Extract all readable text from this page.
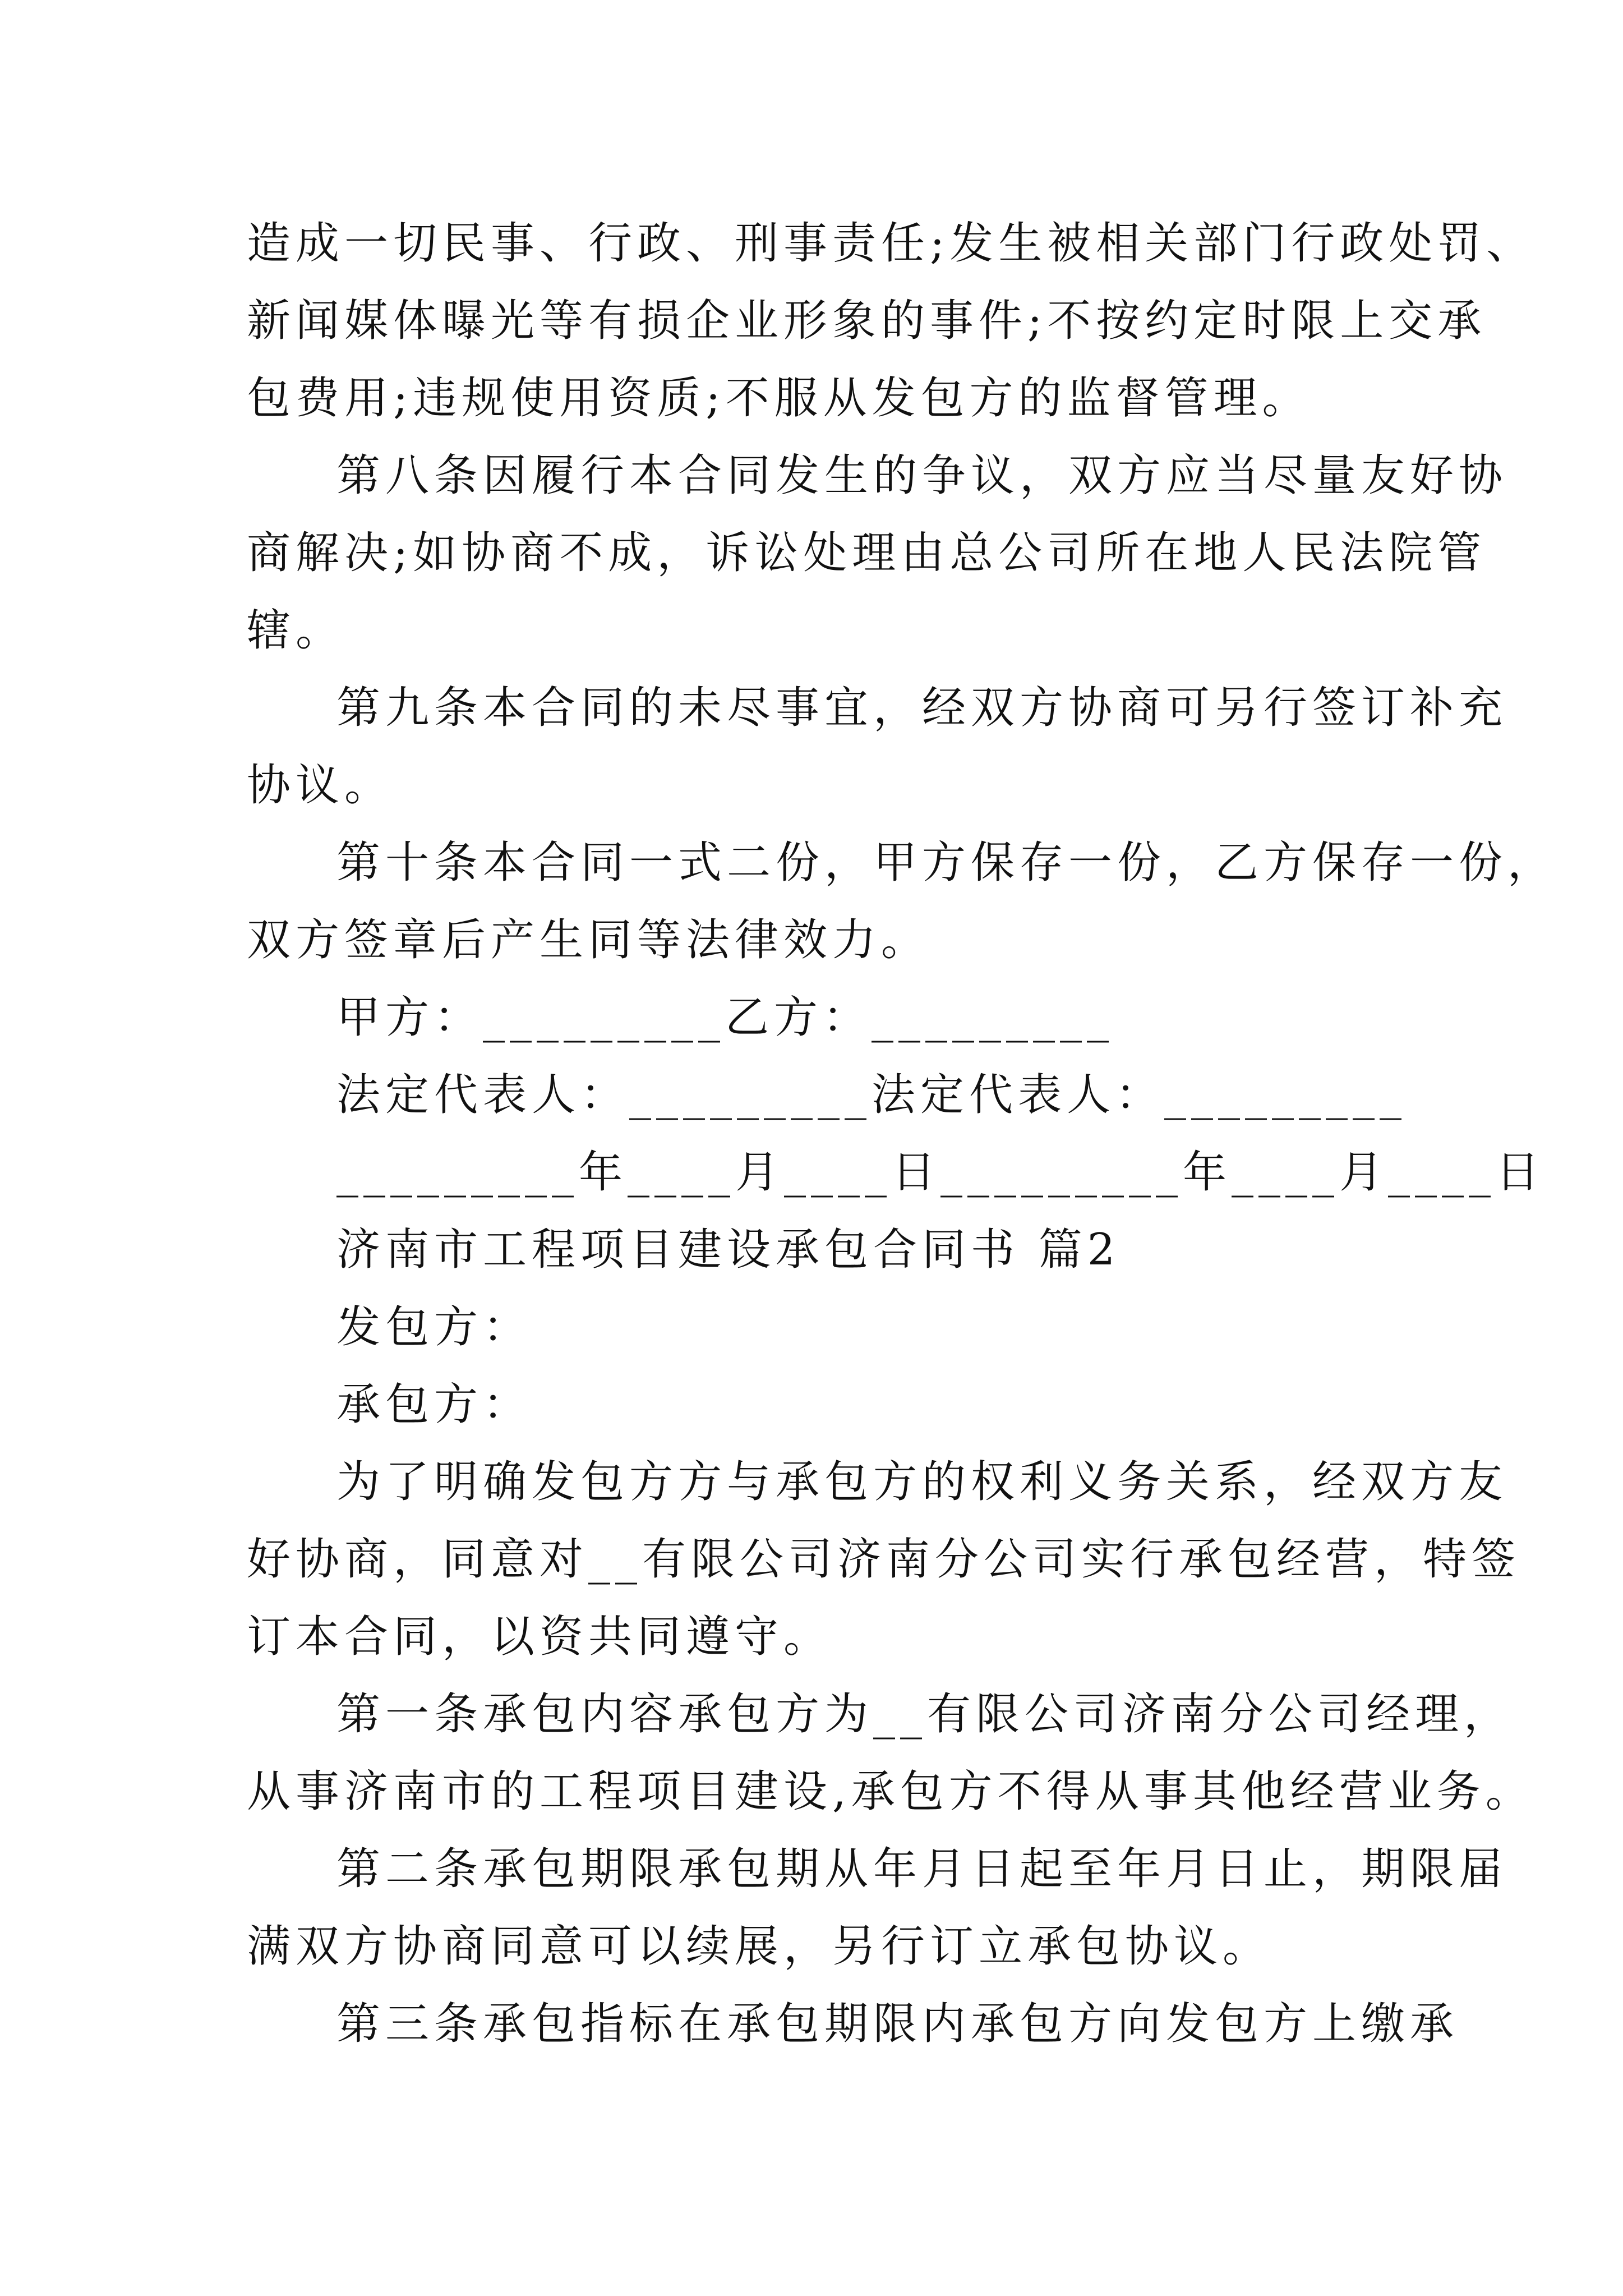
造成一切民事、行政、刑事责任;发生被相关部门行政处罚、
新闻媒体曝光等有损企业形象的事件;不按约定时限上交承
包费用;违规使用资质;不服从发包方的监督管理。
第八条因履行本合同发生的争议，双方应当尽量友好协
商解决;如协商不成，诉讼处理由总公司所在地人民法院管
辖。
第九条本合同的未尽事宜，经双方协商可另行签订补充
协议。
第十条本合同一式二份，甲方保存一份，乙方保存一份，
双方签章后产生同等法律效力。
甲方：_________乙方：_________
法定代表人：_________法定代表人：_________
_________年____月____日_________年____月____日
济南市工程项目建设承包合同书 篇2
发包方：
承包方：
为了明确发包方方与承包方的权利义务关系，经双方友
好协商，同意对__有限公司济南分公司实行承包经营，特签
订本合同，以资共同遵守。
第一条承包内容承包方为__有限公司济南分公司经理，
从事济南市的工程项目建设,承包方不得从事其他经营业务。
第二条承包期限承包期从年月日起至年月日止，期限届
满双方协商同意可以续展，另行订立承包协议。
第三条承包指标在承包期限内承包方向发包方上缴承
